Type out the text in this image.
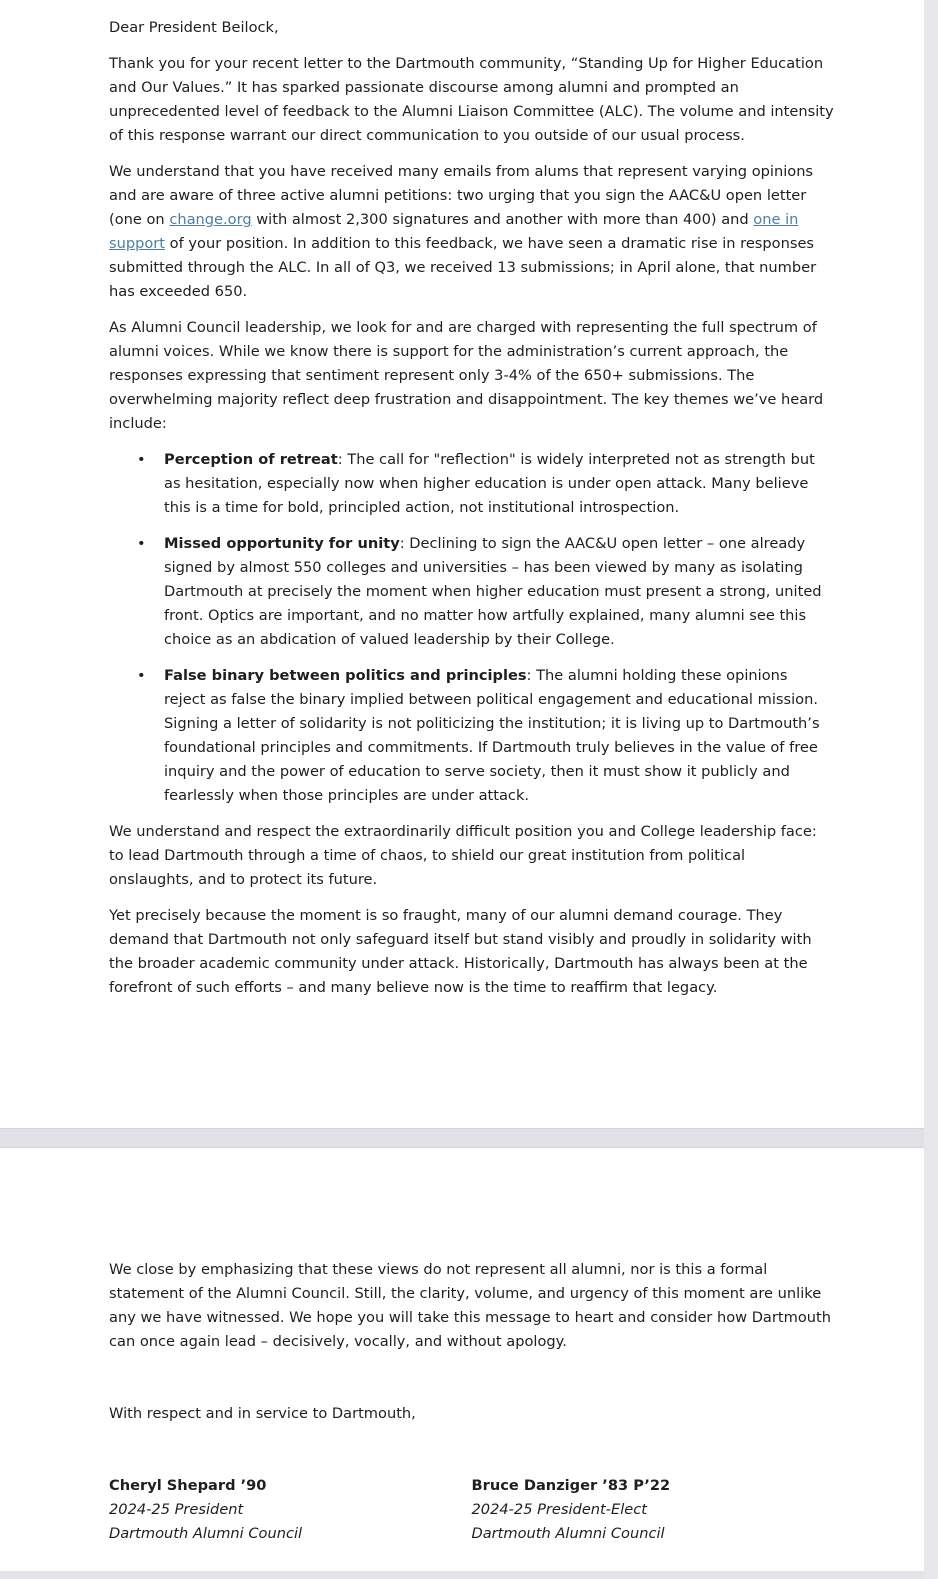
Dear President Beilock,

Thank you for your recent letter to the Dartmouth community, “Standing Up for Higher Education and Our Values.” It has sparked passionate discourse among alumni and prompted an unprecedented level of feedback to the Alumni Liaison Committee (ALC). The volume and intensity of this response warrant our direct communication to you outside of our usual process.

We understand that you have received many emails from alums that represent varying opinions and are aware of three active alumni petitions: two urging that you sign the AAC&U open letter (one on change.org with almost 2,300 signatures and another with more than 400) and one in support of your position. In addition to this feedback, we have seen a dramatic rise in responses submitted through the ALC. In all of Q3, we received 13 submissions; in April alone, that number has exceeded 650.

As Alumni Council leadership, we look for and are charged with representing the full spectrum of alumni voices. While we know there is support for the administration’s current approach, the responses expressing that sentiment represent only 3-4% of the 650+ submissions. The overwhelming majority reflect deep frustration and disappointment. The key themes we’ve heard include:

• Perception of retreat: The call for "reflection" is widely interpreted not as strength but as hesitation, especially now when higher education is under open attack. Many believe this is a time for bold, principled action, not institutional introspection.
• Missed opportunity for unity: Declining to sign the AAC&U open letter – one already signed by almost 550 colleges and universities – has been viewed by many as isolating Dartmouth at precisely the moment when higher education must present a strong, united front. Optics are important, and no matter how artfully explained, many alumni see this choice as an abdication of valued leadership by their College.
• False binary between politics and principles: The alumni holding these opinions reject as false the binary implied between political engagement and educational mission. Signing a letter of solidarity is not politicizing the institution; it is living up to Dartmouth’s foundational principles and commitments. If Dartmouth truly believes in the value of free inquiry and the power of education to serve society, then it must show it publicly and fearlessly when those principles are under attack.

We understand and respect the extraordinarily difficult position you and College leadership face: to lead Dartmouth through a time of chaos, to shield our great institution from political onslaughts, and to protect its future.

Yet precisely because the moment is so fraught, many of our alumni demand courage. They demand that Dartmouth not only safeguard itself but stand visibly and proudly in solidarity with the broader academic community under attack. Historically, Dartmouth has always been at the forefront of such efforts – and many believe now is the time to reaffirm that legacy.

We close by emphasizing that these views do not represent all alumni, nor is this a formal statement of the Alumni Council. Still, the clarity, volume, and urgency of this moment are unlike any we have witnessed. We hope you will take this message to heart and consider how Dartmouth can once again lead – decisively, vocally, and without apology.

With respect and in service to Dartmouth,

Cheryl Shepard ’90
2024-25 President
Dartmouth Alumni Council
Bruce Danziger ’83 P’22
2024-25 President-Elect
Dartmouth Alumni Council
